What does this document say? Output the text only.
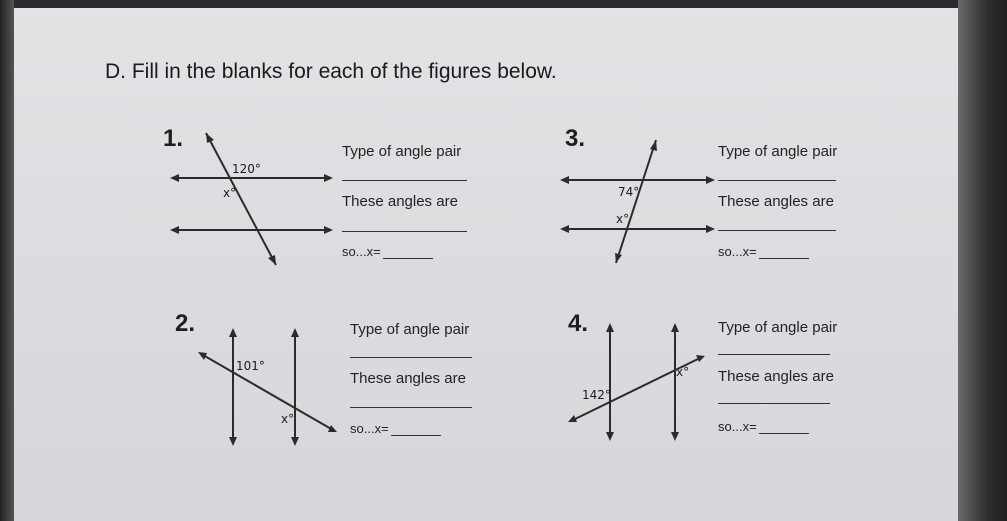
D. Fill in the blanks for each of the figures below.
1.
120°
x°
Type of angle pair
These angles are
so...x=
3.
74°
x°
Type of angle pair
These angles are
so...x=
2.
101°
x°
Type of angle pair
These angles are
so...x=
4.
142°
x°
Type of angle pair
These angles are
so...x=
